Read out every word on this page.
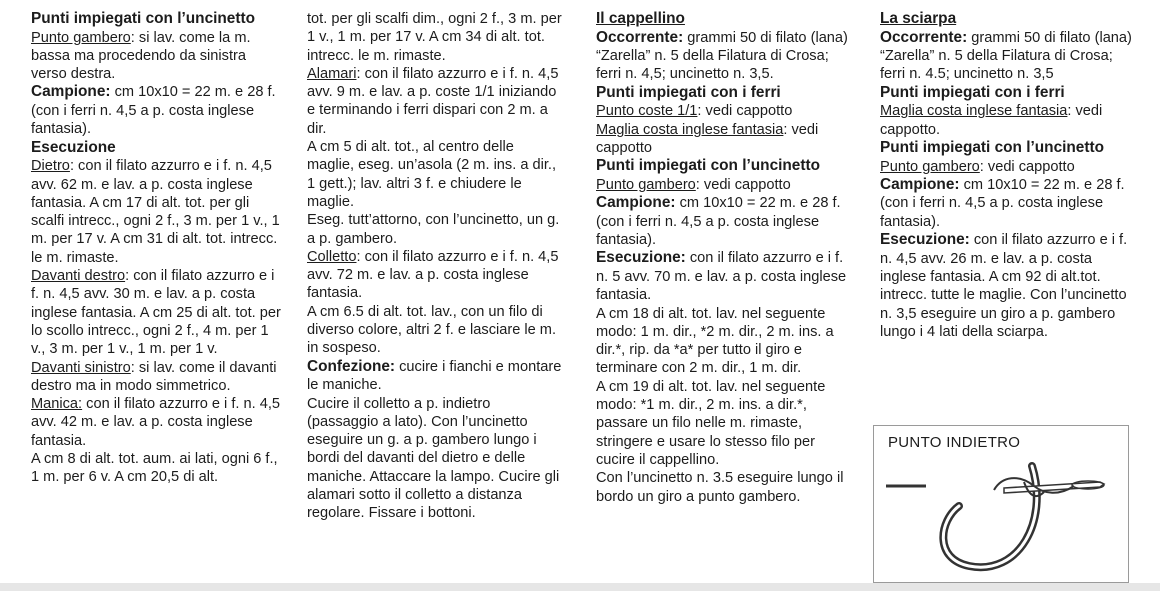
Punti impiegati con l’uncinetto

Punto gambero: si lav. come la m. bassa ma procedendo da sinistra verso destra.

Campione: cm 10x10 = 22 m. e 28 f. (con i ferri n. 4,5 a p. costa inglese fantasia).

Esecuzione

Dietro: con il filato azzurro e i f. n. 4,5 avv. 62 m. e lav. a p. costa inglese fantasia. A cm 17 di alt. tot. per gli scalfi intrecc., ogni 2 f., 3 m. per 1 v., 1 m. per 17 v. A cm 31 di alt. tot. intrecc. le m. rimaste.

Davanti destro: con il filato azzurro e i f. n. 4,5 avv. 30 m. e lav. a p. costa inglese fantasia. A cm 25 di alt. tot. per lo scollo intrecc., ogni 2 f., 4 m. per 1 v., 3 m. per 1 v., 1 m. per 1 v.

Davanti sinistro: si lav. come il davanti destro ma in modo simmetrico.

Manica: con il filato azzurro e i f. n. 4,5 avv. 42 m. e lav. a p. costa inglese fantasia.

A cm 8 di alt. tot. aum. ai lati, ogni 6 f., 1 m. per 6 v. A cm 20,5 di alt.

tot. per gli scalfi dim., ogni 2 f., 3 m. per 1 v., 1 m. per 17 v. A cm 34 di alt. tot. intrecc. le m. rimaste.

Alamari: con il filato azzurro e i f. n. 4,5 avv. 9 m. e lav. a p. coste 1/1 iniziando e terminando i ferri dispari con 2 m. a dir.

A cm 5 di alt. tot., al centro delle maglie, eseg. un’asola (2 m. ins. a dir., 1 gett.); lav. altri 3 f. e chiudere le maglie.

Eseg. tutt’attorno, con l’uncinetto, un g. a p. gambero.

Colletto: con il filato azzurro e i f. n. 4,5 avv. 72 m. e lav. a p. costa inglese fantasia.

A cm 6.5 di alt. tot. lav., con un filo di diverso colore, altri 2 f. e lasciare le m. in sospeso.

Confezione: cucire i fianchi e montare le maniche.

Cucire il colletto a p. indietro (passaggio a lato). Con l’uncinetto eseguire un g. a p. gambero lungo i bordi del davanti del dietro e delle maniche. Attaccare la lampo. Cucire gli alamari sotto il colletto a distanza regolare. Fissare i bottoni.

Il cappellino

Occorrente: grammi 50 di filato (lana) “Zarella” n. 5 della Filatura di Crosa; ferri n. 4,5; uncinetto n. 3,5.

Punti impiegati con i ferri

Punto coste 1/1: vedi cappotto

Maglia costa inglese fantasia: vedi cappotto

Punti impiegati con l’uncinetto

Punto gambero: vedi cappotto

Campione: cm 10x10 = 22 m. e 28 f. (con i ferri n. 4,5 a p. costa inglese fantasia).

Esecuzione: con il filato azzurro e i f. n. 5 avv. 70 m. e lav. a p. costa inglese fantasia.

A cm 18 di alt. tot. lav. nel seguente modo: 1 m. dir., *2 m. dir., 2 m. ins. a dir.*, rip. da *a* per tutto il giro e terminare con 2 m. dir., 1 m. dir.

A cm 19 di alt. tot. lav. nel seguente modo: *1 m. dir., 2 m. ins. a dir.*, passare un filo nelle m. rimaste, stringere e usare lo stesso filo per cucire il cappellino.

Con l’uncinetto n. 3.5 eseguire lungo il bordo un giro a punto gambero.

La sciarpa

Occorrente: grammi 50 di filato (lana) “Zarella” n. 5 della Filatura di Crosa; ferri n. 4.5; uncinetto n. 3,5

Punti impiegati con i ferri

Maglia costa inglese fantasia: vedi cappotto.

Punti impiegati con l’uncinetto

Punto gambero: vedi cappotto

Campione: cm 10x10 = 22 m. e 28 f. (con i ferri n. 4,5 a p. costa inglese fantasia).

Esecuzione: con il filato azzurro e i f. n. 4,5 avv. 26 m. e lav. a p. costa inglese fantasia. A cm 92 di alt.tot. intrecc. tutte le maglie. Con l’uncinetto n. 3,5 eseguire un giro a p. gambero lungo i 4 lati della sciarpa.

PUNTO INDIETRO
